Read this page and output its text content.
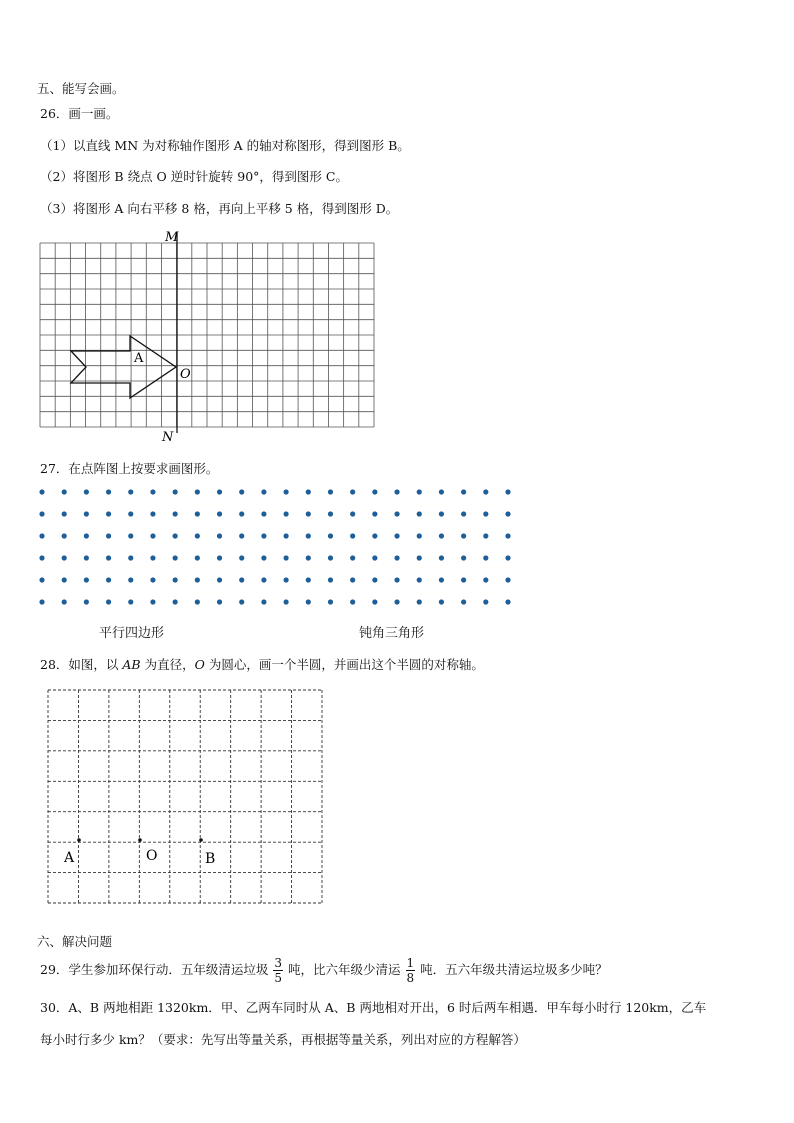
五、能写会画。
26．画一画。
（1）以直线 MN 为对称轴作图形 A 的轴对称图形，得到图形 B。
（2）将图形 B 绕点 O 逆时针旋转 90°，得到图形 C。
（3）将图形 A 向右平移 8 格，再向上平移 5 格，得到图形 D。
M
N
O
A
27．在点阵图上按要求画图形。
平行四边形	钝角三角形
28．如图，以 AB 为直径，O 为圆心，画一个半圆，并画出这个半圆的对称轴。
A	O	B
六、解决问题
29．学生参加环保行动．五年级清运垃圾 $\frac{3}{5}$ 吨，比六年级少清运 $\frac{1}{8}$ 吨．五六年级共清运垃圾多少吨？
30．A、B 两地相距 1320km．甲、乙两车同时从 A、B 两地相对开出，6 时后两车相遇．甲车每小时行 120km，乙车
每小时行多少 km？（要求：先写出等量关系，再根据等量关系，列出对应的方程解答）
